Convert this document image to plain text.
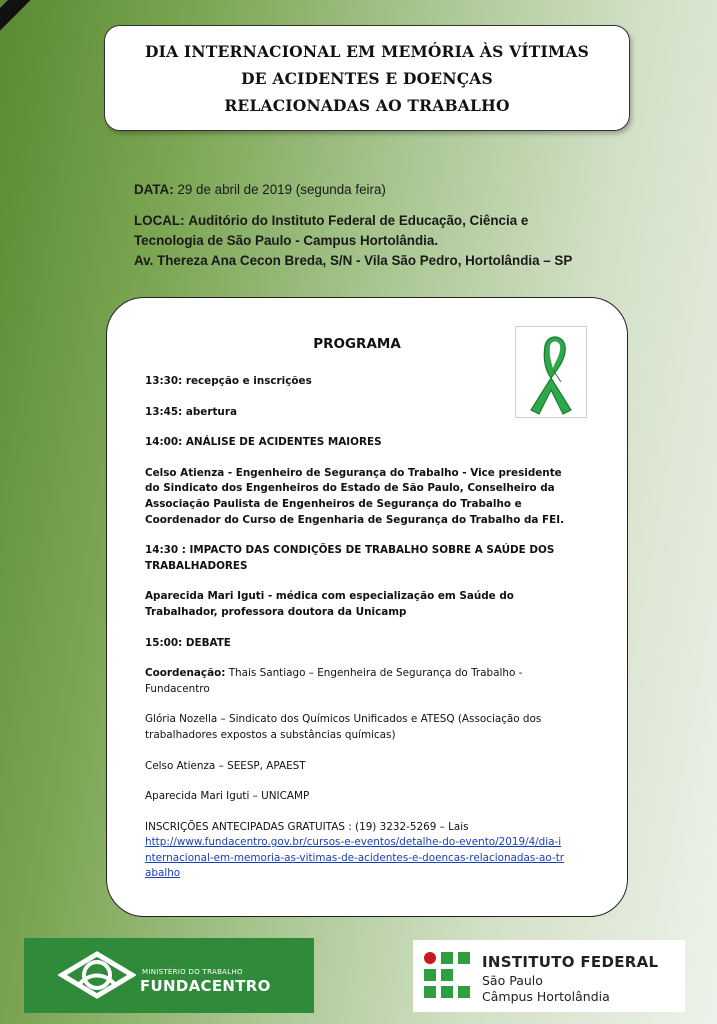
DIA INTERNACIONAL EM MEMÓRIA ÀS VÍTIMAS
DE ACIDENTES E DOENÇAS
RELACIONADAS AO TRABALHO

DATA: 29 de abril de 2019 (segunda feira)

LOCAL: Auditório do Instituto Federal de Educação, Ciência e

Tecnologia de São Paulo - Campus Hortolândia.

Av. Thereza Ana Cecon Breda, S/N - Vila São Pedro, Hortolândia – SP

PROGRAMA

13:30: recepção e inscrições

13:45: abertura

14:00: ANÁLISE DE ACIDENTES MAIORES

Celso Atienza - Engenheiro de Segurança do Trabalho - Vice presidente do Sindicato dos Engenheiros do Estado de São Paulo, Conselheiro da Associação Paulista de Engenheiros de Segurança do Trabalho e Coordenador do Curso de Engenharia de Segurança do Trabalho da FEI.

14:30 : IMPACTO DAS CONDIÇÕES DE TRABALHO SOBRE A SAÚDE DOS TRABALHADORES

Aparecida Mari Iguti - médica com especialização em Saúde do Trabalhador, professora doutora da Unicamp

15:00: DEBATE

Coordenação: Thais Santiago – Engenheira de Segurança do Trabalho - Fundacentro

Glória Nozella – Sindicato dos Químicos Unificados e ATESQ (Associação dos trabalhadores expostos a substâncias químicas)

Celso Atienza – SEESP, APAEST

Aparecida Mari Iguti – UNICAMP

INSCRIÇÕES ANTECIPADAS GRATUITAS : (19) 3232-5269 – Lais
http://www.fundacentro.gov.br/cursos-e-eventos/detalhe-do-evento/2019/4/dia-internacional-em-memoria-as-vitimas-de-acidentes-e-doencas-relacionadas-ao-trabalho

MINISTÉRIO DO TRABALHO
FUNDACENTRO
INSTITUTO FEDERAL
São Paulo
Câmpus Hortolândia
